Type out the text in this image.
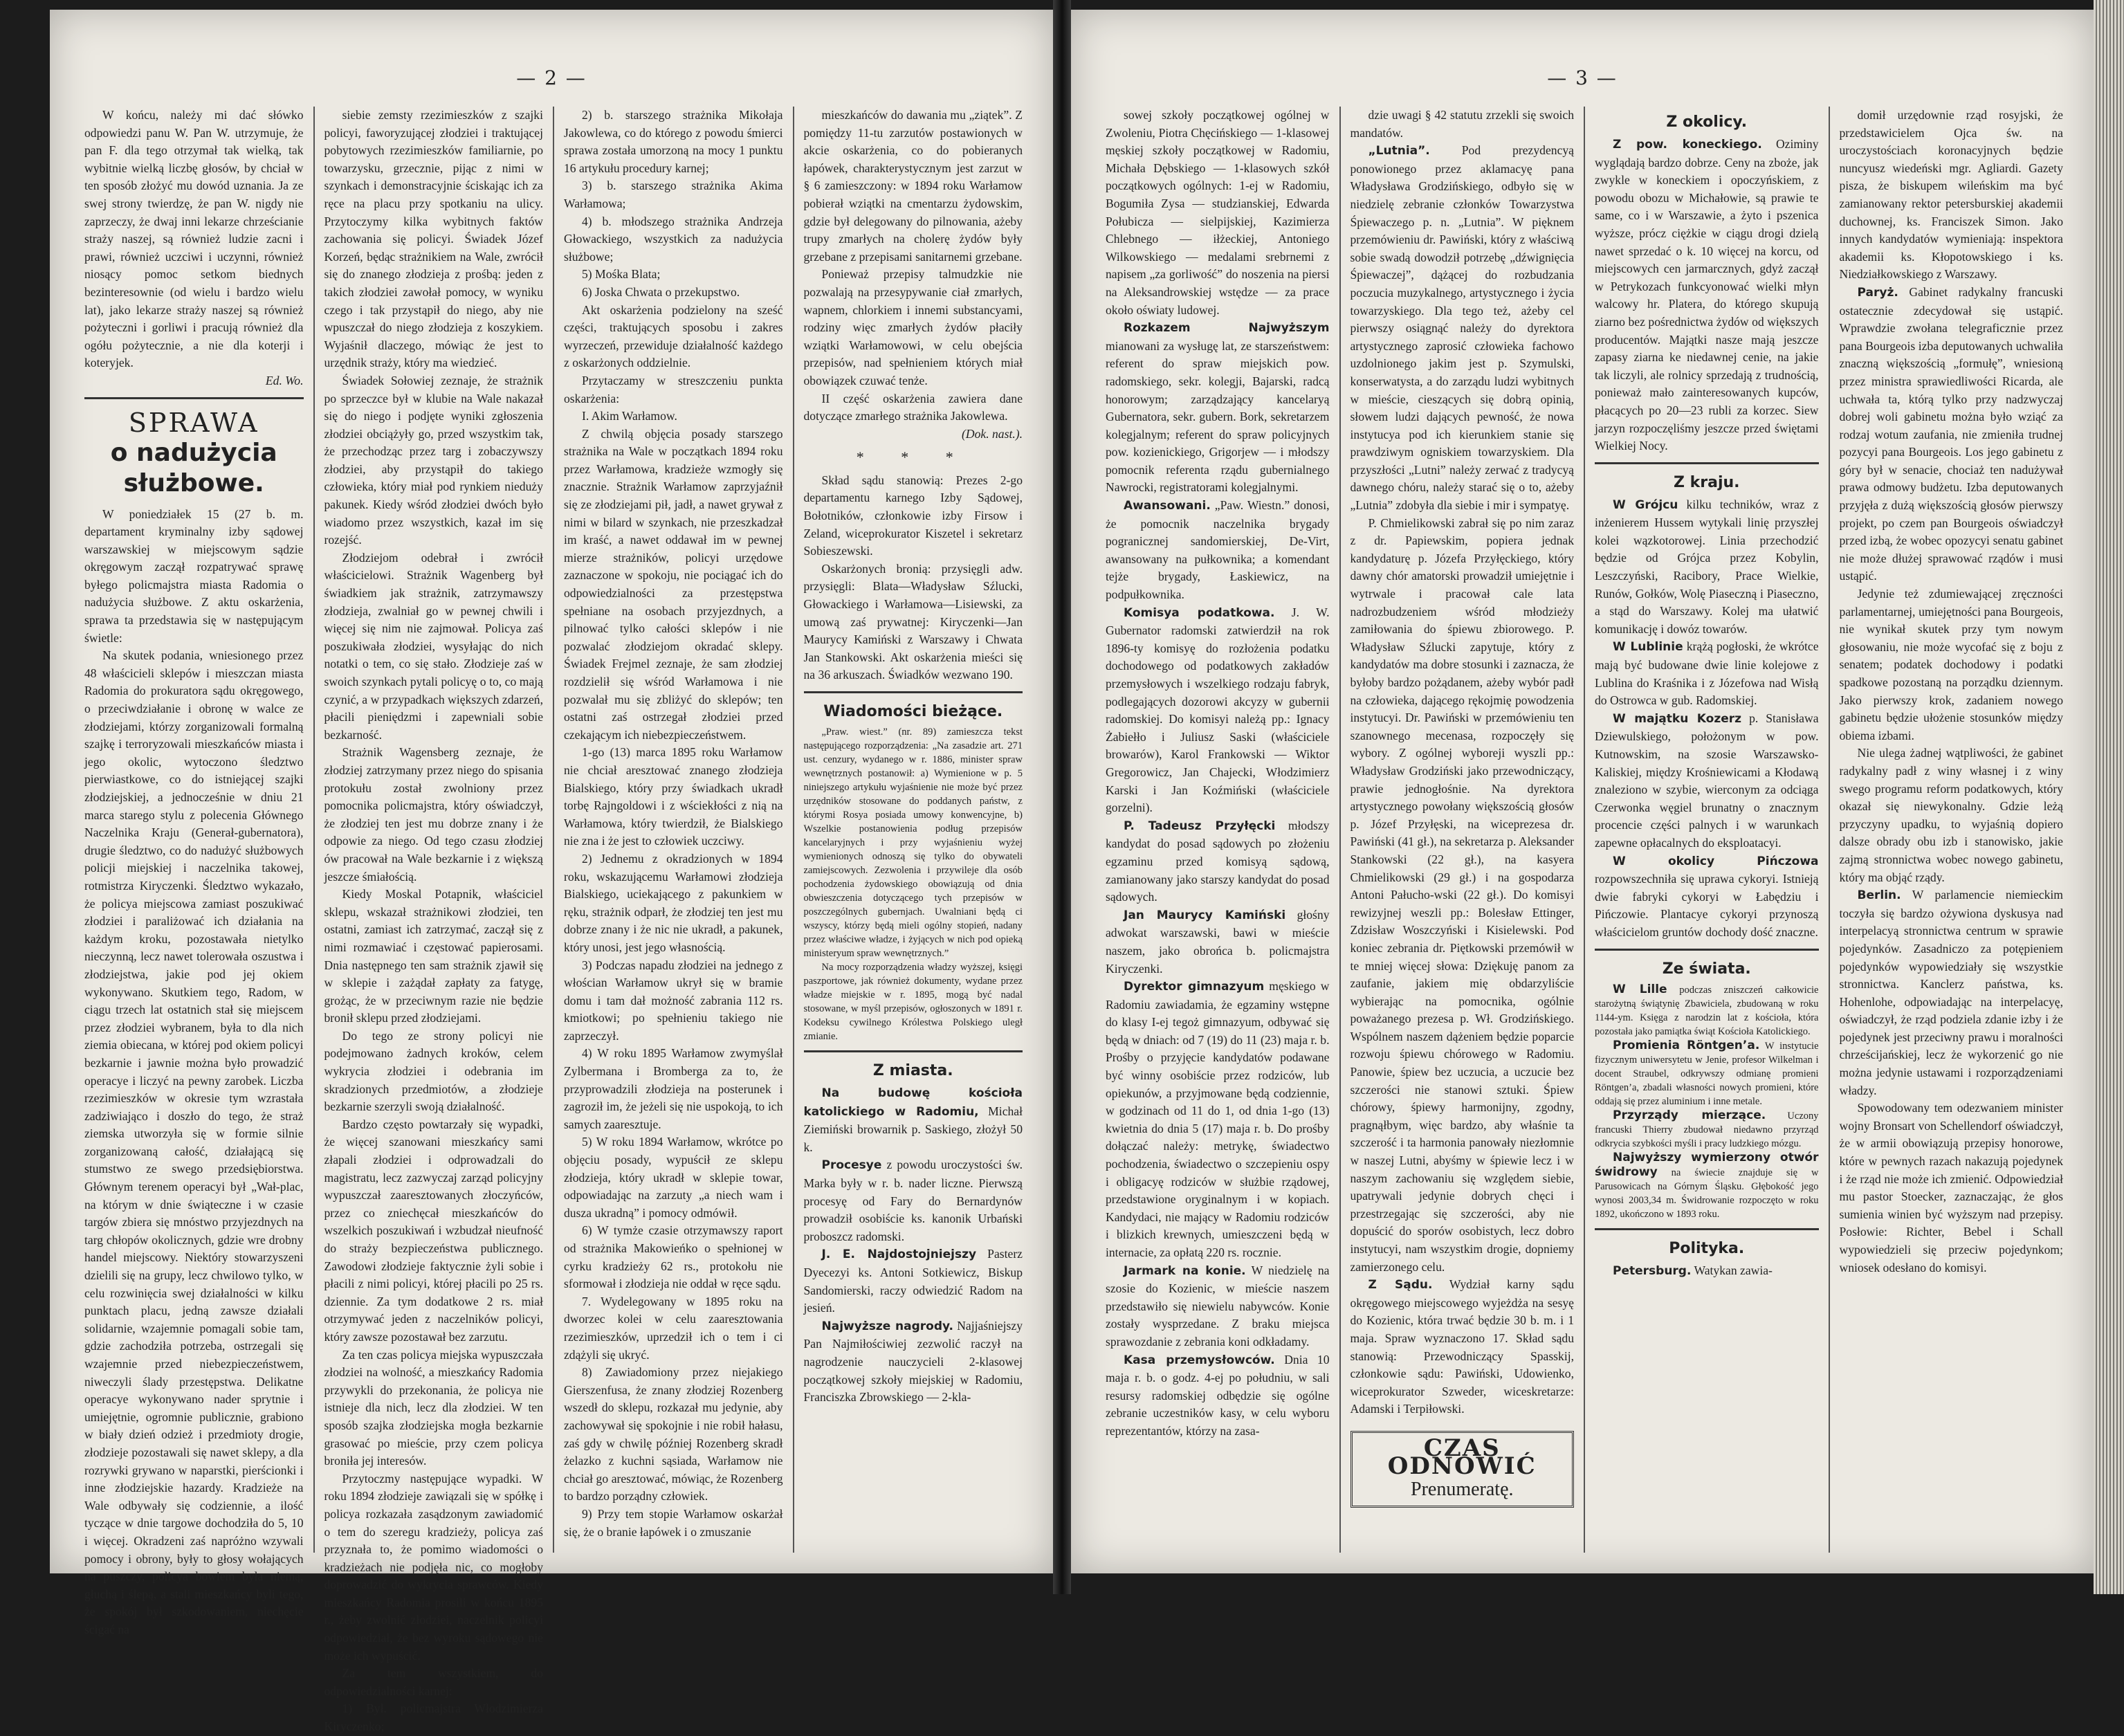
— 2 —

W końcu, należy mi dać słówko odpowiedzi panu W. Pan W. utrzymuje, że pan F. dla tego otrzymał tak wielką, tak wybitnie wielką liczbę głosów, by chciał w ten sposób złożyć mu dowód uznania. Ja ze swej strony twierdzę, że pan W. nigdy nie zaprzeczy, że dwaj inni lekarze chrześcianie straży naszej, są również ludzie zacni i prawi, również uczciwi i uczynni, również niosący pomoc setkom biednych bezinteresownie (od wielu i bardzo wielu lat), jako lekarze straży naszej są również pożyteczni i gorliwi i pracują również dla ogółu pożytecznie, a nie dla koterji i koteryjek.

Ed. Wo.

SPRAWA
o nadużycia służbowe.

W poniedziałek 15 (27 b. m. departament kryminalny izby sądowej warszawskiej w miejscowym sądzie okręgowym zaczął rozpatrywać sprawę byłego policmajstra miasta Radomia o nadużycia służbowe. Z aktu oskarżenia, sprawa ta przedstawia się w następującym świetle:

Na skutek podania, wniesionego przez 48 właścicieli sklepów i mieszczan miasta Radomia do prokuratora sądu okręgowego, o przeciwdziałanie i obronę w walce ze złodziejami, którzy zorganizowali formalną szajkę i terroryzowali mieszkańców miasta i jego okolic, wytoczono śledztwo pierwiastkowe, co do istniejącej szajki złodziejskiej, a jednocześnie w dniu 21 marca starego stylu z polecenia Głównego Naczelnika Kraju (Generał-gubernatora), drugie śledztwo, co do nadużyć służbowych policji miejskiej i naczelnika takowej, rotmistrza Kiryczenki. Śledztwo wykazało, że policya miejscowa zamiast poszukiwać złodziei i paraliżować ich działania na każdym kroku, pozostawała nietylko nieczynną, lecz nawet tolerowała oszustwa i złodziejstwa, jakie pod jej okiem wykonywano. Skutkiem tego, Radom, w ciągu trzech lat ostatnich stał się miejscem przez złodziei wybranem, była to dla nich ziemia obiecana, w której pod okiem policyi bezkarnie i jawnie można było prowadzić operacye i liczyć na pewny zarobek. Liczba rzezimieszków w okresie tym wzrastała zadziwiająco i doszło do tego, że straż ziemska utworzyła się w formie silnie zorganizowaną całość, działającą się stumstwo ze swego przedsiębiorstwa. Głównym terenem operacyi był „Wał-plac, na którym w dnie świąteczne i w czasie targów zbiera się mnóstwo przyjezdnych na targ chłopów okolicznych, gdzie wre drobny handel miejscowy. Niektóry stowarzyszeni dzielili się na grupy, lecz chwilowo tylko, w celu rozwinięcia swej działalności w kilku punktach placu, jedną zawsze działali solidarnie, wzajemnie pomagali sobie tam, gdzie zachodziła potrzeba, ostrzegali się wzajemnie przed niebezpieczeństwem, niweczyli ślady przestępstwa. Delikatne operacye wykonywano nader sprytnie i umiejętnie, ogromnie publicznie, grabiono w biały dzień odzież i przedmioty drogie, złodzieje pozostawali się nawet sklepy, a dla rozrywki grywano w naparstki, pierścionki i inne złodziejskie hazardy. Kradzieże na Wale odbywały się codziennie, a ilość tyczące w dnie targowe dochodziła do 5, 10 i więcej. Okradzeni zaś napróżno wzywali pomocy i obrony, były to głosy wołających na puszczy, policya bowiem była niemą, głuchą i ślepą, a stali mieszkańcy byli tego, że spokój był szkodowaniem, niechęcie ścigać na

siebie zemsty rzezimieszków z szajki policyi, faworyzującej złodziei i traktującej pobytowych rzezimieszków familiarnie, po towarzysku, grzecznie, pijąc z nimi w szynkach i demonstracyjnie ściskając ich za ręce na placu przy spotkaniu na ulicy. Przytoczymy kilka wybitnych faktów zachowania się policyi. Świadek Józef Korzeń, będąc strażnikiem na Wale, zwrócił się do znanego złodzieja z prośbą: jeden z takich złodziei zawołał pomocy, w wyniku czego i tak przystąpił do niego, aby nie wpuszczał do niego złodzieja z koszykiem. Wyjaśnił dlaczego, mówiąc że jest to urzędnik straży, który ma wiedzieć.

Świadek Sołowiej zeznaje, że strażnik po sprzeczce był w klubie na Wale nakazał się do niego i podjęte wyniki zgłoszenia złodziei obciążyły go, przed wszystkim tak, że przechodząc przez targ i zobaczywszy złodziei, aby przystąpił do takiego człowieka, który miał pod rynkiem nieduży pakunek. Kiedy wśród złodziei dwóch było wiadomo przez wszystkich, kazał im się rozejść.

Złodziejom odebrał i zwrócił właścicielowi. Strażnik Wagenberg był świadkiem jak strażnik, zatrzymawszy złodzieja, zwalniał go w pewnej chwili i więcej się nim nie zajmował. Policya zaś poszukiwała złodziei, wysyłając do nich notatki o tem, co się stało. Złodzieje zaś w swoich szynkach pytali policyę o to, co mają czynić, a w przypadkach większych zdarzeń, płacili pieniędzmi i zapewniali sobie bezkarność.

Strażnik Wagensberg zeznaje, że złodziej zatrzymany przez niego do spisania protokułu został zwolniony przez pomocnika policmajstra, który oświadczył, że złodziej ten jest mu dobrze znany i że odpowie za niego. Od tego czasu złodziej ów pracował na Wale bezkarnie i z większą jeszcze śmiałością.

Kiedy Moskal Potapnik, właściciel sklepu, wskazał strażnikowi złodziei, ten ostatni, zamiast ich zatrzymać, zaczął się z nimi rozmawiać i częstować papierosami. Dnia następnego ten sam strażnik zjawił się w sklepie i zażądał zapłaty za fatygę, grożąc, że w przeciwnym razie nie będzie bronił sklepu przed złodziejami.

Do tego ze strony policyi nie podejmowano żadnych kroków, celem wykrycia złodziei i odebrania im skradzionych przedmiotów, a złodzieje bezkarnie szerzyli swoją działalność.

Bardzo często powtarzały się wypadki, że więcej szanowani mieszkańcy sami złapali złodziei i odprowadzali do magistratu, lecz zazwyczaj zarząd policyjny wypuszczał zaaresztowanych złoczyńców, przez co zniechęcał mieszkańców do wszelkich poszukiwań i wzbudzał nieufność do straży bezpieczeństwa publicznego. Zawodowi złodzieje faktycznie żyli sobie i płacili z nimi policyi, której płacili po 25 rs. dziennie. Za tym dodatkowe 2 rs. miał otrzymywać jeden z naczelników policyi, który zawsze pozostawał bez zarzutu.

Za ten czas policya miejska wypuszczała złodziei na wolność, a mieszkańcy Radomia przywykli do przekonania, że policya nie istnieje dla nich, lecz dla złodziei. W ten sposób szajka złodziejska mogła bezkarnie grasować po mieście, przy czem policya broniła jej interesów.

Przytoczmy następujące wypadki. W roku 1894 złodzieje zawiązali się w spółkę i policya rozkazała zasądzonym zawiadomić o tem do szeregu kradzieży, policya zaś przyznała to, że pomimo wiadomości o kradzieżach nie podjęła nic, co mogłoby doprowadzić do wykrycia sprawców. Kiedy mieszkańcy Radomia prosili w końcu 1895 r., żeby zwolnić złodziei, naczelnik policyi odpowiedział, że bez wyroku sądowego nie może ich wypuścić.

Za tem wszystkiem, do odpowiedzialności karnej:

1) Był. policmajstra Włodzimierza Kiryczenko;

2) b. starszego strażnika Mikołaja Jakowlewa, co do którego z powodu śmierci sprawa została umorzoną na mocy 1 punktu 16 artykułu procedury karnej;

3) b. starszego strażnika Akima Warłamowa;

4) b. młodszego strażnika Andrzeja Głowackiego, wszystkich za nadużycia służbowe;

5) Mośka Blata;

6) Joska Chwata o przekupstwo.

Akt oskarżenia podzielony na sześć części, traktujących sposobu i zakres wyrzeczeń, przewiduje działalność każdego z oskarżonych oddzielnie.

Przytaczamy w streszczeniu punkta oskarżenia:

I. Akim Warłamow.

Z chwilą objęcia posady starszego strażnika na Wale w początkach 1894 roku przez Warłamowa, kradzieże wzmogły się znacznie. Strażnik Warłamow zaprzyjaźnił się ze złodziejami pił, jadł, a nawet grywał z nimi w bilard w szynkach, nie przeszkadzał im kraść, a nawet oddawał im w pewnej mierze strażników, policyi urzędowe zaznaczone w spokoju, nie pociągać ich do odpowiedzialności za przestępstwa spełniane na osobach przyjezdnych, a pilnować tylko całości sklepów i nie pozwalać złodziejom okradać sklepy. Świadek Frejmel zeznaje, że sam złodziej rozdzielił się wśród Warłamowa i nie pozwalał mu się zbliżyć do sklepów; ten ostatni zaś ostrzegał złodziei przed czekającym ich niebezpieczeństwem.

1-go (13) marca 1895 roku Warłamow nie chciał aresztować znanego złodzieja Bialskiego, który przy świadkach ukradł torbę Rajngoldowi i z wściekłości z nią na Warłamowa, który twierdził, że Bialskiego nie zna i że jest to człowiek uczciwy.

2) Jednemu z okradzionych w 1894 roku, wskazującemu Warłamowi złodzieja Bialskiego, uciekającego z pakunkiem w ręku, strażnik odparł, że złodziej ten jest mu dobrze znany i że nic nie ukradł, a pakunek, który unosi, jest jego własnością.

3) Podczas napadu złodziei na jednego z włościan Warłamow ukrył się w bramie domu i tam dał możność zabrania 112 rs. kmiotkowi; po spełnieniu takiego nie zaprzeczył.

4) W roku 1895 Warłamow zwymyślał Zylbermana i Bromberga za to, że przyprowadzili złodzieja na posterunek i zagroził im, że jeżeli się nie uspokoją, to ich samych zaaresztuje.

5) W roku 1894 Warłamow, wkrótce po objęciu posady, wypuścił ze sklepu złodzieja, który ukradł w sklepie towar, odpowiadając na zarzuty „a niech wam i dusza ukradną” i pomocy odmówił.

6) W tymże czasie otrzymawszy raport od strażnika Makowieńko o spełnionej w cyrku kradzieży 62 rs., protokołu nie sformował i złodzieja nie oddał w ręce sądu.

7. Wydelegowany w 1895 roku na dworzec kolei w celu zaaresztowania rzezimieszków, uprzedził ich o tem i ci zdążyli się ukryć.

8) Zawiadomiony przez niejakiego Gierszenfusa, że znany złodziej Rozenberg wszedł do sklepu, rozkazał mu jedynie, aby zachowywał się spokojnie i nie robił hałasu, zaś gdy w chwilę później Rozenberg skradł żelazko z kuchni sąsiada, Warłamow nie chciał go aresztować, mówiąc, że Rozenberg to bardzo porządny człowiek.

9) Przy tem stopie Warłamow oskarżał się, że o branie łapówek i o zmuszanie

mieszkańców do dawania mu „ziątek”. Z pomiędzy 11-tu zarzutów postawionych w akcie oskarżenia, co do pobieranych łapówek, charakterystycznym jest zarzut w § 6 zamieszczony: w 1894 roku Warłamow pobierał wziątki na cmentarzu żydowskim, gdzie był delegowany do pilnowania, ażeby trupy zmarłych na cholerę żydów były grzebane z przepisami sanitarnemi grzebane.

Ponieważ przepisy talmudzkie nie pozwalają na przesypywanie ciał zmarłych, wapnem, chlorkiem i innemi substancyami, rodziny więc zmarłych żydów płaciły wziątki Warłamowowi, w celu obejścia przepisów, nad spełnieniem których miał obowiązek czuwać tenże.

II część oskarżenia zawiera dane dotyczące zmarłego strażnika Jakowlewa.

(Dok. nast.).

* * *

Skład sądu stanowią: Prezes 2-go departamentu karnego Izby Sądowej, Bołotników, członkowie izby Firsow i Zeland, wiceprokurator Kiszetel i sekretarz Sobieszewski.

Oskarżonych bronią: przysięgli adw. przysięgli: Blata—Władysław Sźlucki, Głowackiego i Warłamowa—Lisiewski, za umową zaś prywatnej: Kiryczenki—Jan Maurycy Kamiński z Warszawy i Chwata Jan Stankowski. Akt oskarżenia mieści się na 36 arkuszach. Świadków wezwano 190.

Wiadomości bieżące.

„Praw. wiest.” (nr. 89) zamieszcza tekst następującego rozporządzenia: „Na zasadzie art. 271 ust. cenzury, wydanego w r. 1886, minister spraw wewnętrznych postanowił: a) Wymienione w p. 5 niniejszego artykułu wyjaśnienie nie może być przez urzędników stosowane do poddanych państw, z którymi Rosya posiada umowy konwencyjne, b) Wszelkie postanowienia podług przepisów kancelaryjnych i przy wyjaśnieniu wyżej wymienionych odnoszą się tylko do obywateli zamiejscowych. Zezwolenia i przywileje dla osób pochodzenia żydowskiego obowiązują od dnia obwieszczenia dotyczącego tych przepisów w poszczególnych gubernjach. Uwalniani będą ci wszyscy, którzy będą mieli ogólny stopień, nadany przez właściwe władze, i żyjących w nich pod opieką ministeryum spraw wewnętrznych.”

Na mocy rozporządzenia władzy wyższej, księgi paszportowe, jak również dokumenty, wydane przez władze miejskie w r. 1895, mogą być nadal stosowane, w myśl przepisów, ogłoszonych w 1891 r. Kodeksu cywilnego Królestwa Polskiego uległ zmianie.

Z miasta.

Na budowę kościoła katolickiego w Radomiu, Michał Ziemiński browarnik p. Saskiego, złożył 50 k.

Procesye z powodu uroczystości św. Marka były w r. b. nader liczne. Pierwszą procesyę od Fary do Bernardynów prowadził osobiście ks. kanonik Urbański proboszcz radomski.

J. E. Najdostojniejszy Pasterz Dyecezyi ks. Antoni Sotkiewicz, Biskup Sandomierski, raczy odwiedzić Radom na jesień.

Najwyższe nagrody. Najjaśniejszy Pan Najmiłościwiej zezwolić raczył na nagrodzenie nauczycieli 2-klasowej początkowej szkoły miejskiej w Radomiu, Franciszka Zbrowskiego — 2-kla-

— 3 —

sowej szkoły początkowej ogólnej w Zwoleniu, Piotra Chęcińskiego — 1-klasowej męskiej szkoły początkowej w Radomiu, Michała Dębskiego — 1-klasowych szkół początkowych ogólnych: 1-ej w Radomiu, Bogumiła Zysa — studzianskiej, Edwarda Połubicza — sielpijskiej, Kazimierza Chlebnego — iłżeckiej, Antoniego Wilkowskiego — medalami srebrnemi z napisem „za gorliwość” do noszenia na piersi na Aleksandrowskiej wstędze — za prace około oświaty ludowej.

Rozkazem Najwyższym mianowani za wysługę lat, ze starszeństwem: referent do spraw miejskich pow. radomskiego, sekr. kolegji, Bajarski, radcą honorowym; zarządzający kancelaryą Gubernatora, sekr. gubern. Bork, sekretarzem kolegjalnym; referent do spraw policyjnych pow. kozienickiego, Grigorjew — i młodszy pomocnik referenta rządu gubernialnego Nawrocki, registratorami kolegjalnymi.

Awansowani. „Paw. Wiestn.” donosi, że pomocnik naczelnika brygady pogranicznej sandomierskiej, De-Virt, awansowany na pułkownika; a komendant tejże brygady, Łaskiewicz, na podpułkownika.

Komisya podatkowa. J. W. Gubernator radomski zatwierdził na rok 1896-ty komisyę do rozłożenia podatku dochodowego od podatkowych zakładów przemysłowych i wszelkiego rodzaju fabryk, podlegających dozorowi akcyzy w gubernii radomskiej. Do komisyi należą pp.: Ignacy Żabiełło i Juliusz Saski (właściciele browarów), Karol Frankowski — Wiktor Gregorowicz, Jan Chajecki, Włodzimierz Karski i Jan Koźmiński (właściciele gorzelni).

P. Tadeusz Przyłęcki młodszy kandydat do posad sądowych po złożeniu egzaminu przed komisyą sądową, zamianowany jako starszy kandydat do posad sądowych.

Jan Maurycy Kamiński głośny adwokat warszawski, bawi w mieście naszem, jako obrońca b. policmajstra Kiryczenki.

Dyrektor gimnazyum męskiego w Radomiu zawiadamia, że egzaminy wstępne do klasy I-ej tegoż gimnazyum, odbywać się będą w dniach: od 7 (19) do 11 (23) maja r. b. Prośby o przyjęcie kandydatów podawane być winny osobiście przez rodziców, lub opiekunów, a przyjmowane będą codziennie, w godzinach od 11 do 1, od dnia 1-go (13) kwietnia do dnia 5 (17) maja r. b. Do prośby dołączać należy: metrykę, świadectwo pochodzenia, świadectwo o szczepieniu ospy i obligacyę rodziców w służbie rządowej, przedstawione oryginalnym i w kopiach. Kandydaci, nie mający w Radomiu rodziców i blizkich krewnych, umieszczeni będą w internacie, za opłatą 220 rs. rocznie.

Jarmark na konie. W niedzielę na szosie do Kozienic, w mieście naszem przedstawiło się niewielu nabywców. Konie zostały wysprzedane. Z braku miejsca sprawozdanie z zebrania koni odkładamy.

Kasa przemysłowców. Dnia 10 maja r. b. o godz. 4-ej po południu, w sali resursy radomskiej odbędzie się ogólne zebranie uczestników kasy, w celu wyboru reprezentantów, którzy na zasa-

dzie uwagi § 42 statutu zrzekli się swoich mandatów.

„Lutnia”. Pod prezydencyą ponowionego przez aklamacyę pana Władysława Grodzińskiego, odbyło się w niedzielę zebranie członków Towarzystwa Śpiewaczego p. n. „Lutnia”. W pięknem przemówieniu dr. Pawiński, który z właściwą sobie swadą dowodził potrzebę „dźwignięcia Śpiewaczej”, dążącej do rozbudzania poczucia muzykalnego, artystycznego i życia towarzyskiego. Dla tego też, ażeby cel pierwszy osiągnąć należy do dyrektora artystycznego zaprosić człowieka fachowo uzdolnionego jakim jest p. Szymulski, konserwatysta, a do zarządu ludzi wybitnych w mieście, cieszących się dobrą opinią, słowem ludzi dających pewność, że nowa instytucya pod ich kierunkiem stanie się prawdziwym ogniskiem towarzyskiem. Dla przyszłości „Lutni” należy zerwać z tradycyą dawnego chóru, należy starać się o to, ażeby „Lutnia” zdobyła dla siebie i mir i sympatyę.

P. Chmielikowski zabrał się po nim zaraz z dr. Papiewskim, popiera jednak kandydaturę p. Józefa Przyłęckiego, który dawny chór amatorski prowadził umiejętnie i wytrwale i pracował cale lata nadrozbudzeniem wśród młodzieży zamiłowania do śpiewu zbiorowego. P. Władysław Sźlucki zapytuje, który z kandydatów ma dobre stosunki i zaznacza, że byłoby bardzo pożądanem, ażeby wybór padł na człowieka, dającego rękojmię powodzenia instytucyi. Dr. Pawiński w przemówieniu ten szanownego mecenasa, rozpoczęły się wybory. Z ogólnej wyboreji wyszli pp.: Władysław Grodziński jako przewodniczący, prawie jednogłośnie. Na dyrektora artystycznego powołany większością głosów p. Józef Przyłęski, na wiceprezesa dr. Pawiński (41 gł.), na sekretarza p. Aleksander Stankowski (22 gł.), na kasyera Chmielikowski (29 gł.) i na gospodarza Antoni Pałucho-wski (22 gł.). Do komisyi rewizyjnej weszli pp.: Bolesław Ettinger, Zdzisław Woszczyński i Kisielewski. Pod koniec zebrania dr. Piętkowski przemówił w te mniej więcej słowa: Dziękuję panom za zaufanie, jakiem mię obdarzyliście wybierając na pomocnika, ogólnie poważanego prezesa p. Wł. Grodzińskiego. Wspólnem naszem dążeniem będzie poparcie rozwoju śpiewu chórowego w Radomiu. Panowie, śpiew bez uczucia, a uczucie bez szczerości nie stanowi sztuki. Śpiew chórowy, śpiewy harmonijny, zgodny, pragnąłbym, więc bardzo, aby właśnie ta szczerość i ta harmonia panowały niezłomnie w naszej Lutni, abyśmy w śpiewie lecz i w naszym zachowaniu się względem siebie, upatrywali jedynie dobrych chęci i przestrzegając się szczerości, aby nie dopuścić do sporów osobistych, lecz dobro instytucyi, nam wszystkim drogie, dopniemy zamierzonego celu.

Z Sądu. Wydział karny sądu okręgowego miejscowego wyjeżdża na sesyę do Kozienic, która trwać będzie 30 b. m. i 1 maja. Spraw wyznaczono 17. Skład sądu stanowią: Przewodniczący Spasskij, członkowie sądu: Pawiński, Udowienko, wiceprokurator Szweder, wiceskretarze: Adamski i Terpiłowski.

CZAS ODNOWIĆ
Prenumeratę.
Z okolicy.

Z pow. koneckiego. Oziminy wyglądają bardzo dobrze. Ceny na zboże, jak zwykle w koneckiem i opoczyńskiem, z powodu obozu w Michałowie, są prawie te same, co i w Warszawie, a żyto i pszenica wyższe, prócz ciężkie w ciągu drogi dzielą nawet sprzedać o k. 10 więcej na korcu, od miejscowych cen jarmarcznych, gdyż zaczął w Petrykozach funkcyonować wielki młyn walcowy hr. Platera, do którego skupują ziarno bez pośrednictwa żydów od większych producentów. Majątki nasze mają jeszcze zapasy ziarna ke niedawnej cenie, na jakie tak liczyli, ale rolnicy sprzedają z trudnością, ponieważ mało zainteresowanych kupców, płacących po 20—23 rubli za korzec. Siew jarzyn rozpoczęliśmy jeszcze przed świętami Wielkiej Nocy.

Z kraju.

W Grójcu kilku techników, wraz z inżenierem Hussem wytykali linię przyszłej kolei wązkotorowej. Linia przechodzić będzie od Grójca przez Kobylin, Leszczyński, Racibory, Prace Wielkie, Runów, Gołków, Wolę Piaseczną i Piaseczno, a stąd do Warszawy. Kolej ma ułatwić komunikację i dowóz towarów.

W Lublinie krążą pogłoski, że wkrótce mają być budowane dwie linie kolejowe z Lublina do Kraśnika i z Józefowa nad Wisłą do Ostrowca w gub. Radomskiej.

W majątku Kozerz p. Stanisława Dziewulskiego, położonym w pow. Kutnowskim, na szosie Warszawsko-Kaliskiej, między Krośniewicami a Kłodawą znaleziono w szybie, wierconym za odciąga Czerwonka węgiel brunatny o znacznym procencie części palnych i w warunkach zapewne opłacalnych do eksploatacyi.

W okolicy Pińczowa rozpowszechniła się uprawa cykoryi. Istnieją dwie fabryki cykoryi w Łabędziu i Pińczowie. Plantacye cykoryi przynoszą właścicielom gruntów dochody dość znaczne.

Ze świata.

W Lille podczas zniszczeń całkowicie starożytną świątynię Zbawiciela, zbudowaną w roku 1144-ym. Księga z narodzin lat z kościoła, która pozostała jako pamiątka świąt Kościoła Katolickiego.

Promienia Röntgen’a. W instytucie fizycznym uniwersytetu w Jenie, profesor Wilkelman i docent Straubel, odkrywszy odmianę promieni Röntgen’a, zbadali własności nowych promieni, które oddają się przez aluminium i inne metale.

Przyrządy mierzące. Uczony francuski Thierry zbudował niedawno przyrząd odkrycia szybkości myśli i pracy ludzkiego mózgu.

Najwyższy wymierzony otwór świdrowy na świecie znajduje się w Parusowicach na Górnym Śląsku. Głębokość jego wynosi 2003,34 m. Świdrowanie rozpoczęto w roku 1892, ukończono w 1893 roku.

Polityka.

Petersburg. Watykan zawia-

domił urzędownie rząd rosyjski, że przedstawicielem Ojca św. na uroczystościach koronacyjnych będzie nuncyusz wiedeński mgr. Agliardi. Gazety pisza, że biskupem wileńskim ma być zamianowany rektor petersburskiej akademii duchownej, ks. Franciszek Simon. Jako innych kandydatów wymieniają: inspektora akademii ks. Kłopotowskiego i ks. Niedziałkowskiego z Warszawy.

Paryż. Gabinet radykalny francuski ostatecznie zdecydował się ustąpić. Wprawdzie zwołana telegraficznie przez pana Bourgeois izba deputowanych uchwaliła znaczną większością „formułę”, wniesioną przez ministra sprawiedliwości Ricarda, ale uchwała ta, którą tylko przy nadzwyczaj dobrej woli gabinetu można było wziąć za rodzaj wotum zaufania, nie zmieniła trudnej pozycyi pana Bourgeois. Los jego gabinetu z góry był w senacie, chociaż ten nadużywał prawa odmowy budżetu. Izba deputowanych przyjęła z dużą większością głosów pierwszy projekt, po czem pan Bourgeois oświadczył przed izbą, że wobec opozycyi senatu gabinet nie może dłużej sprawować rządów i musi ustąpić.

Jedynie też zdumiewającej zręczności parlamentarnej, umiejętności pana Bourgeois, nie wynikał skutek przy tym nowym głosowaniu, nie może wycofać się z boju z senatem; podatek dochodowy i podatki spadkowe pozostaną na porządku dziennym. Jako pierwszy krok, zadaniem nowego gabinetu będzie ułożenie stosunków między obiema izbami.

Nie ulega żadnej wątpliwości, że gabinet radykalny padł z winy własnej i z winy swego programu reform podatkowych, który okazał się niewykonalny. Gdzie leżą przyczyny upadku, to wyjaśnią dopiero dalsze obrady obu izb i stanowisko, jakie zajmą stronnictwa wobec nowego gabinetu, który ma objąć rządy.

Berlin. W parlamencie niemieckim toczyła się bardzo ożywiona dyskusya nad interpelacyą stronnictwa centrum w sprawie pojedynków. Zasadniczo za potępieniem pojedynków wypowiedziały się wszystkie stronnictwa. Kanclerz państwa, ks. Hohenlohe, odpowiadając na interpelacyę, oświadczył, że rząd podziela zdanie izby i że pojedynek jest przeciwny prawu i moralności chrześcijańskiej, lecz że wykorzenić go nie można jedynie ustawami i rozporządzeniami władzy.

Spowodowany tem odezwaniem minister wojny Bronsart von Schellendorf oświadczył, że w armii obowiązują przepisy honorowe, które w pewnych razach nakazują pojedynek i że rząd nie może ich zmienić. Odpowiedział mu pastor Stoecker, zaznaczając, że głos sumienia winien być wyższym nad przepisy. Posłowie: Richter, Bebel i Schall wypowiedzieli się przeciw pojedynkom; wniosek odesłano do komisyi.
